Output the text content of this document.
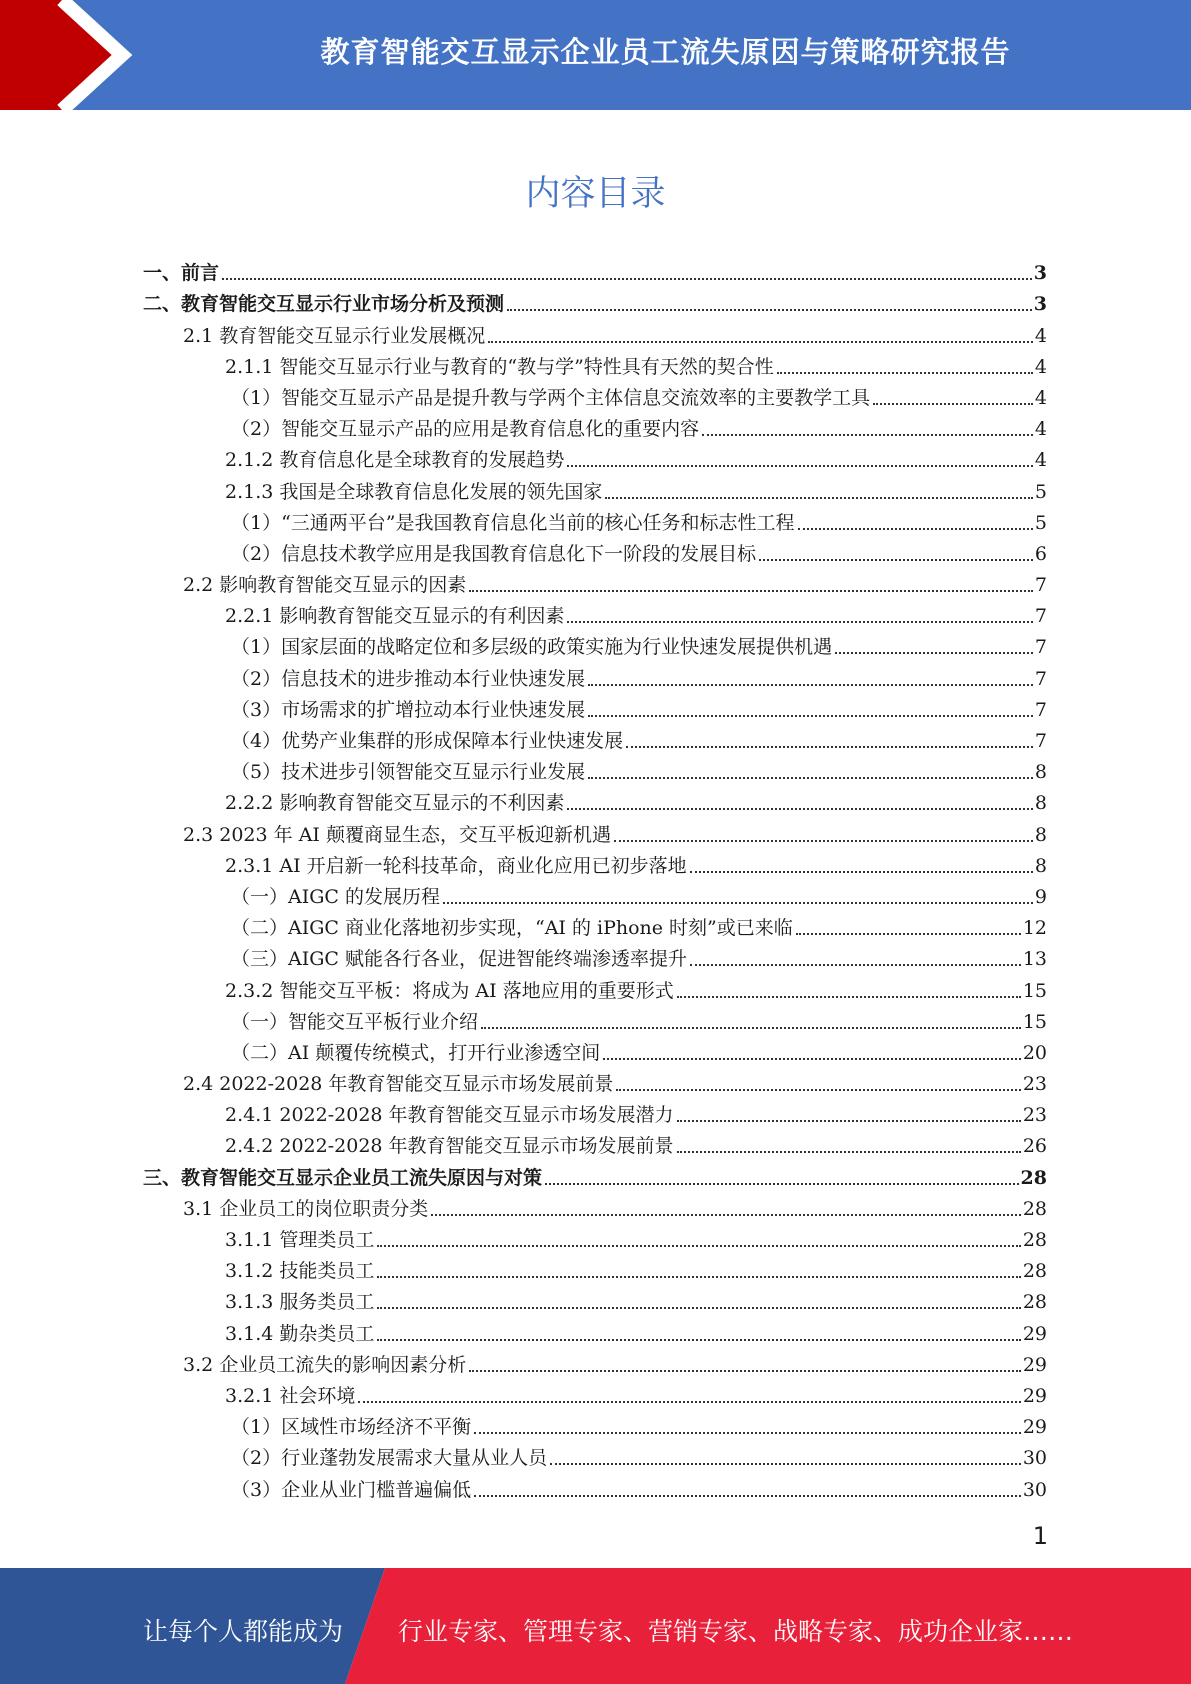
教育智能交互显示企业员工流失原因与策略研究报告
内容目录
一、前言	3
二、教育智能交互显示行业市场分析及预测	3
2.1 教育智能交互显示行业发展概况	4
2.1.1 智能交互显示行业与教育的“教与学”特性具有天然的契合性	4
（1）智能交互显示产品是提升教与学两个主体信息交流效率的主要教学工具	4
（2）智能交互显示产品的应用是教育信息化的重要内容	4
2.1.2 教育信息化是全球教育的发展趋势	4
2.1.3 我国是全球教育信息化发展的领先国家	5
（1）“三通两平台”是我国教育信息化当前的核心任务和标志性工程	5
（2）信息技术教学应用是我国教育信息化下一阶段的发展目标	6
2.2 影响教育智能交互显示的因素	7
2.2.1 影响教育智能交互显示的有利因素	7
（1）国家层面的战略定位和多层级的政策实施为行业快速发展提供机遇	7
（2）信息技术的进步推动本行业快速发展	7
（3）市场需求的扩增拉动本行业快速发展	7
（4）优势产业集群的形成保障本行业快速发展	7
（5）技术进步引领智能交互显示行业发展	8
2.2.2 影响教育智能交互显示的不利因素	8
2.3 2023 年 AI 颠覆商显生态，交互平板迎新机遇	8
2.3.1 AI 开启新一轮科技革命，商业化应用已初步落地	8
（一）AIGC 的发展历程	9
（二）AIGC 商业化落地初步实现，“AI 的 iPhone 时刻”或已来临	12
（三）AIGC 赋能各行各业，促进智能终端渗透率提升	13
2.3.2 智能交互平板：将成为 AI 落地应用的重要形式	15
（一）智能交互平板行业介绍	15
（二）AI 颠覆传统模式，打开行业渗透空间	20
2.4 2022-2028 年教育智能交互显示市场发展前景	23
2.4.1 2022-2028 年教育智能交互显示市场发展潜力	23
2.4.2 2022-2028 年教育智能交互显示市场发展前景	26
三、教育智能交互显示企业员工流失原因与对策	28
3.1 企业员工的岗位职责分类	28
3.1.1 管理类员工	28
3.1.2 技能类员工	28
3.1.3 服务类员工	28
3.1.4 勤杂类员工	29
3.2 企业员工流失的影响因素分析	29
3.2.1 社会环境	29
（1）区域性市场经济不平衡	29
（2）行业蓬勃发展需求大量从业人员	30
（3）企业从业门槛普遍偏低	30
1
让每个人都能成为 行业专家、管理专家、营销专家、战略专家、成功企业家……
